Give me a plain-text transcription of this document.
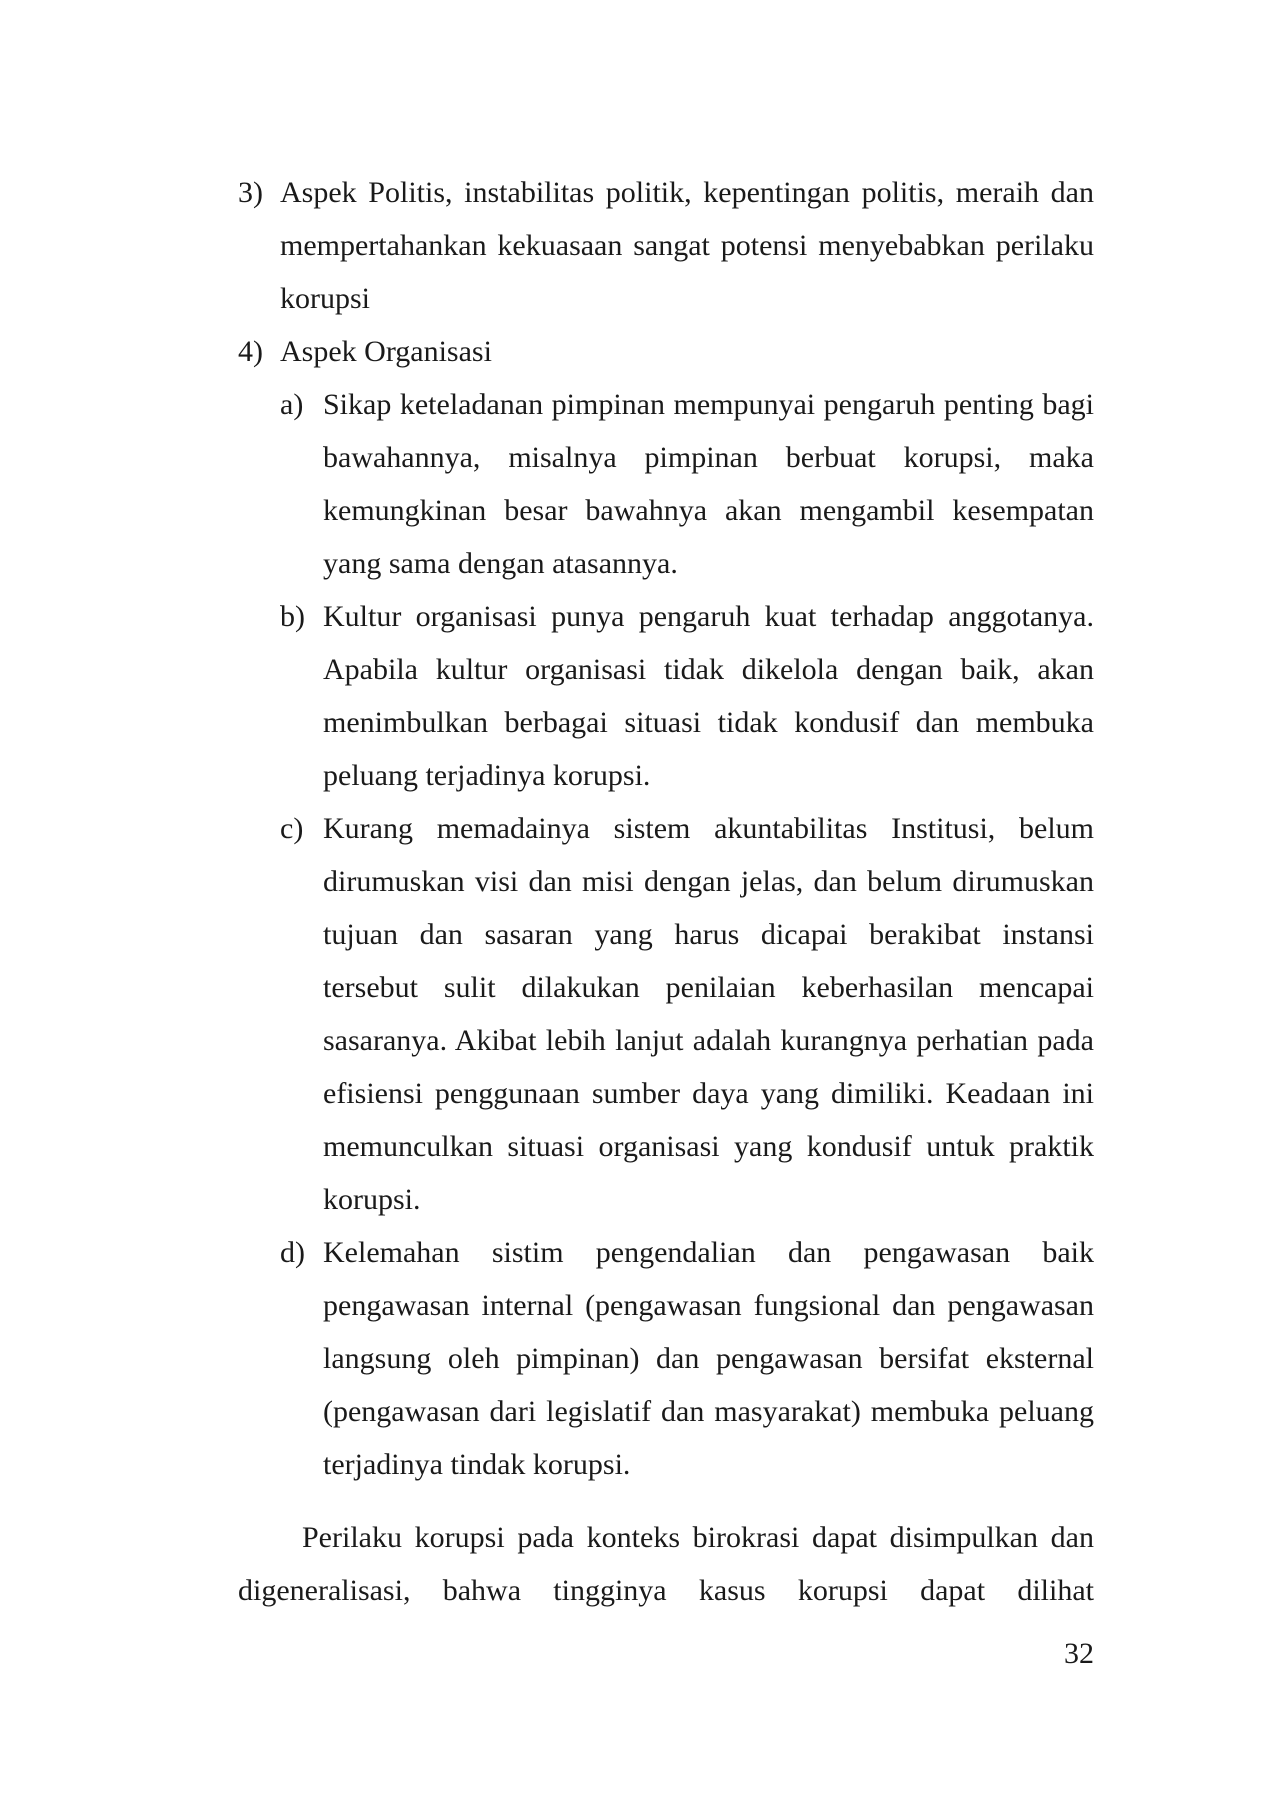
3) Aspek Politis, instabilitas politik, kepentingan politis, meraih dan mempertahankan kekuasaan sangat potensi menyebabkan perilaku korupsi
4) Aspek Organisasi
a) Sikap keteladanan pimpinan mempunyai pengaruh penting bagi bawahannya, misalnya pimpinan berbuat korupsi, maka kemungkinan besar bawahnya akan mengambil kesempatan yang sama dengan atasannya.
b) Kultur organisasi punya pengaruh kuat terhadap anggotanya. Apabila kultur organisasi tidak dikelola dengan baik, akan menimbulkan berbagai situasi tidak kondusif dan membuka peluang terjadinya korupsi.
c) Kurang memadainya sistem akuntabilitas Institusi, belum dirumuskan visi dan misi dengan jelas, dan belum dirumuskan tujuan dan sasaran yang harus dicapai berakibat instansi tersebut sulit dilakukan penilaian keberhasilan mencapai sasaranya. Akibat lebih lanjut adalah kurangnya perhatian pada efisiensi penggunaan sumber daya yang dimiliki. Keadaan ini memunculkan situasi organisasi yang kondusif untuk praktik korupsi.
d) Kelemahan sistim pengendalian dan pengawasan baik pengawasan internal (pengawasan fungsional dan pengawasan langsung oleh pimpinan) dan pengawasan bersifat eksternal (pengawasan dari legislatif dan masyarakat) membuka peluang terjadinya tindak korupsi.

Perilaku korupsi pada konteks birokrasi dapat disimpulkan dan digeneralisasi, bahwa tingginya kasus korupsi dapat dilihat

32
